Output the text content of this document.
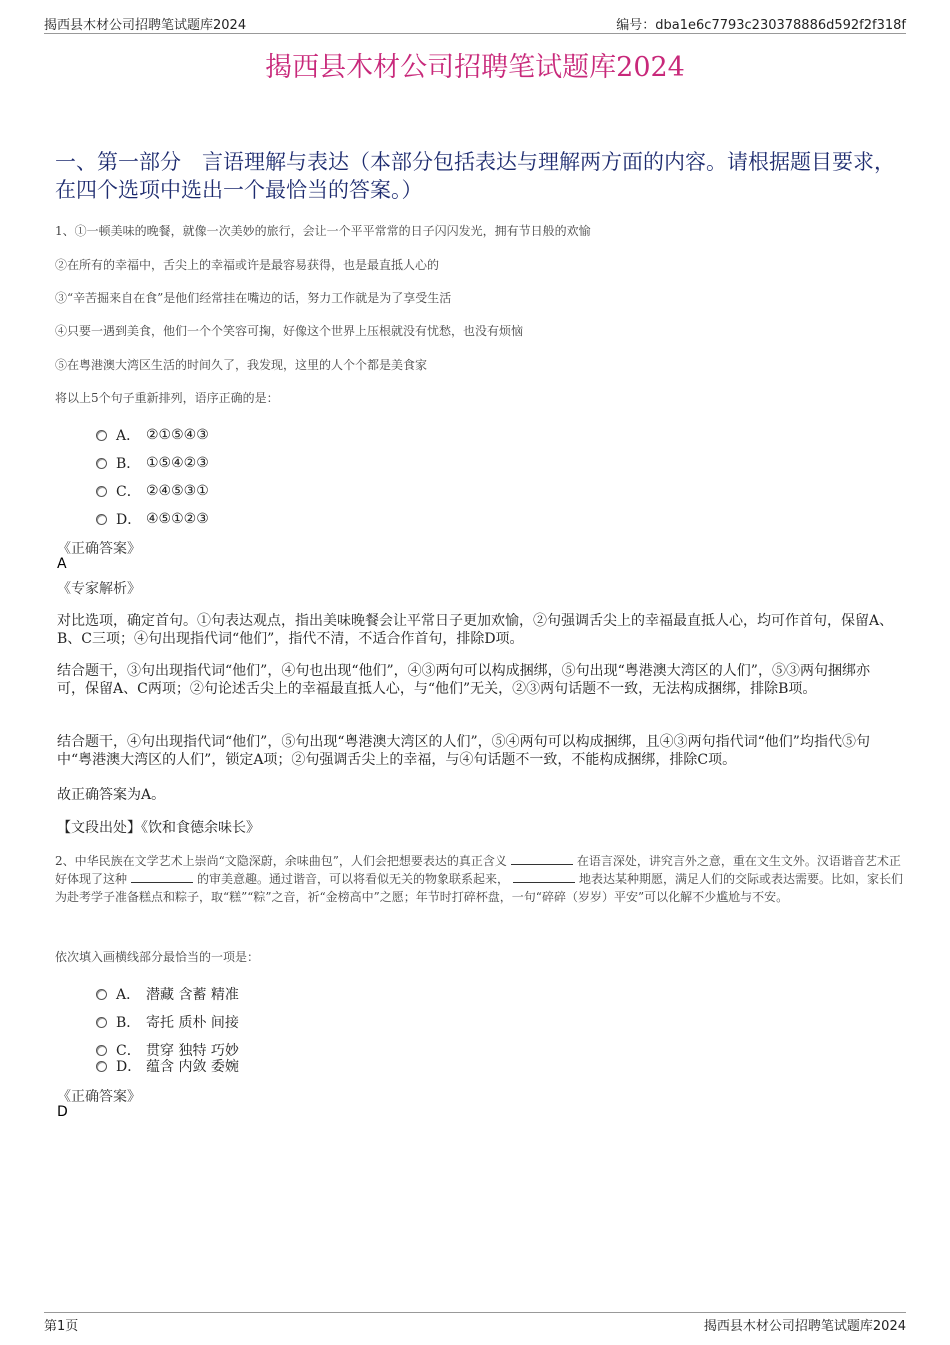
揭西县木材公司招聘笔试题库2024	编号：dba1e6c7793c230378886d592f2f318f
揭西县木材公司招聘笔试题库2024
一、第一部分　言语理解与表达（本部分包括表达与理解两方面的内容。请根据题目要求，在四个选项中选出一个最恰当的答案。）
1、①一顿美味的晚餐，就像一次美妙的旅行，会让一个平平常常的日子闪闪发光，拥有节日般的欢愉
②在所有的幸福中，舌尖上的幸福或许是最容易获得，也是最直抵人心的
③“辛苦掘来自在食”是他们经常挂在嘴边的话，努力工作就是为了享受生活
④只要一遇到美食，他们一个个笑容可掬，好像这个世界上压根就没有忧愁，也没有烦恼
⑤在粤港澳大湾区生活的时间久了，我发现，这里的人个个都是美食家
将以上5个句子重新排列，语序正确的是：
A． ②①⑤④③
B． ①⑤④②③
C． ②④⑤③①
D． ④⑤①②③
《正确答案》
A
《专家解析》
对比选项，确定首句。①句表达观点，指出美味晚餐会让平常日子更加欢愉，②句强调舌尖上的幸福最直抵人心，均可作首句，保留A、B、C三项；④句出现指代词“他们”，指代不清，不适合作首句，排除D项。
结合题干，③句出现指代词“他们”，④句也出现“他们”，④③两句可以构成捆绑，⑤句出现“粤港澳大湾区的人们”，⑤③两句捆绑亦可，保留A、C两项；②句论述舌尖上的幸福最直抵人心，与“他们”无关，②③两句话题不一致，无法构成捆绑，排除B项。
结合题干，④句出现指代词“他们”，⑤句出现“粤港澳大湾区的人们”，⑤④两句可以构成捆绑，且④③两句指代词“他们”均指代⑤句中“粤港澳大湾区的人们”，锁定A项；②句强调舌尖上的幸福，与④句话题不一致，不能构成捆绑，排除C项。
故正确答案为A。
【文段出处】《饮和食德余味长》
2、中华民族在文学艺术上崇尚“文隐深蔚，余味曲包”，人们会把想要表达的真正含义	在语言深处，讲究言外之意，重在文生文外。汉语谐音艺术正好体现了这种	的审美意趣。通过谐音，可以将看似无关的物象联系起来，	地表达某种期愿，满足人们的交际或表达需要。比如，家长们为赴考学子准备糕点和粽子，取“糕”“粽”之音，祈“金榜高中”之愿；年节时打碎杯盘，一句“碎碎（岁岁）平安”可以化解不少尴尬与不安。
依次填入画横线部分最恰当的一项是：
A． 潜藏 含蓄 精准
B． 寄托 质朴 间接
C． 贯穿 独特 巧妙
D． 蕴含 内敛 委婉
《正确答案》
D
第1页	揭西县木材公司招聘笔试题库2024
